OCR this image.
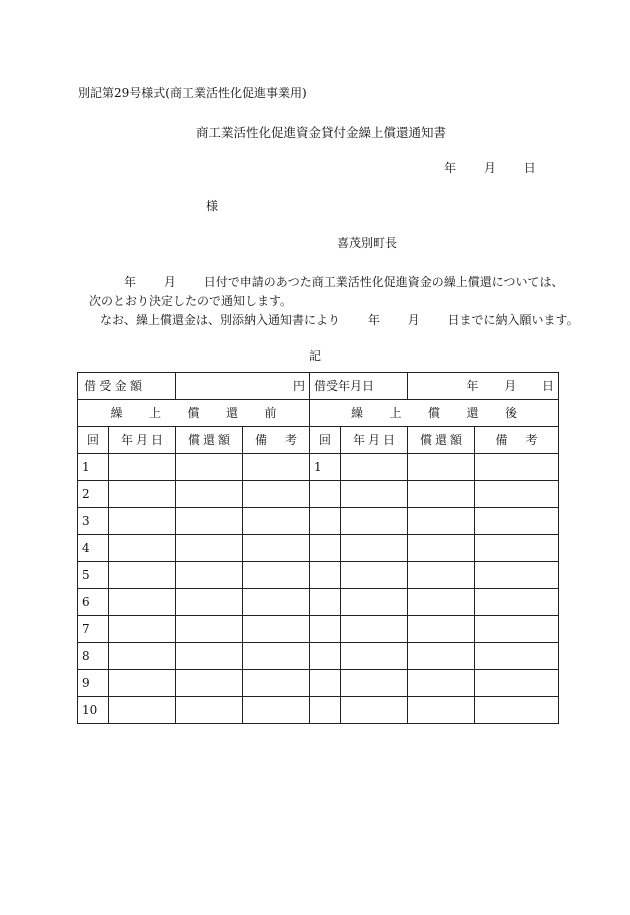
別記第29号様式(商工業活性化促進事業用)
商工業活性化促進資金貸付金繰上償還通知書
年 月 日
様
喜茂別町長
年 月 日付で申請のあつた商工業活性化促進資金の繰上償還については、
次のとおり決定したので通知します。
なお、繰上償還金は、別添納入通知書により 年 月 日までに納入願います。
記
借 受 金 額		円		借受年月日		年 月 日	

繰 上 償 還 前				繰 上 償 還 後			

回	年 月 日	償 還 額	備 考	回	年 月 日	償 還 額	備 考

1				1			
2							
3							
4							
5							
6							
7							
8							
9							
10							
